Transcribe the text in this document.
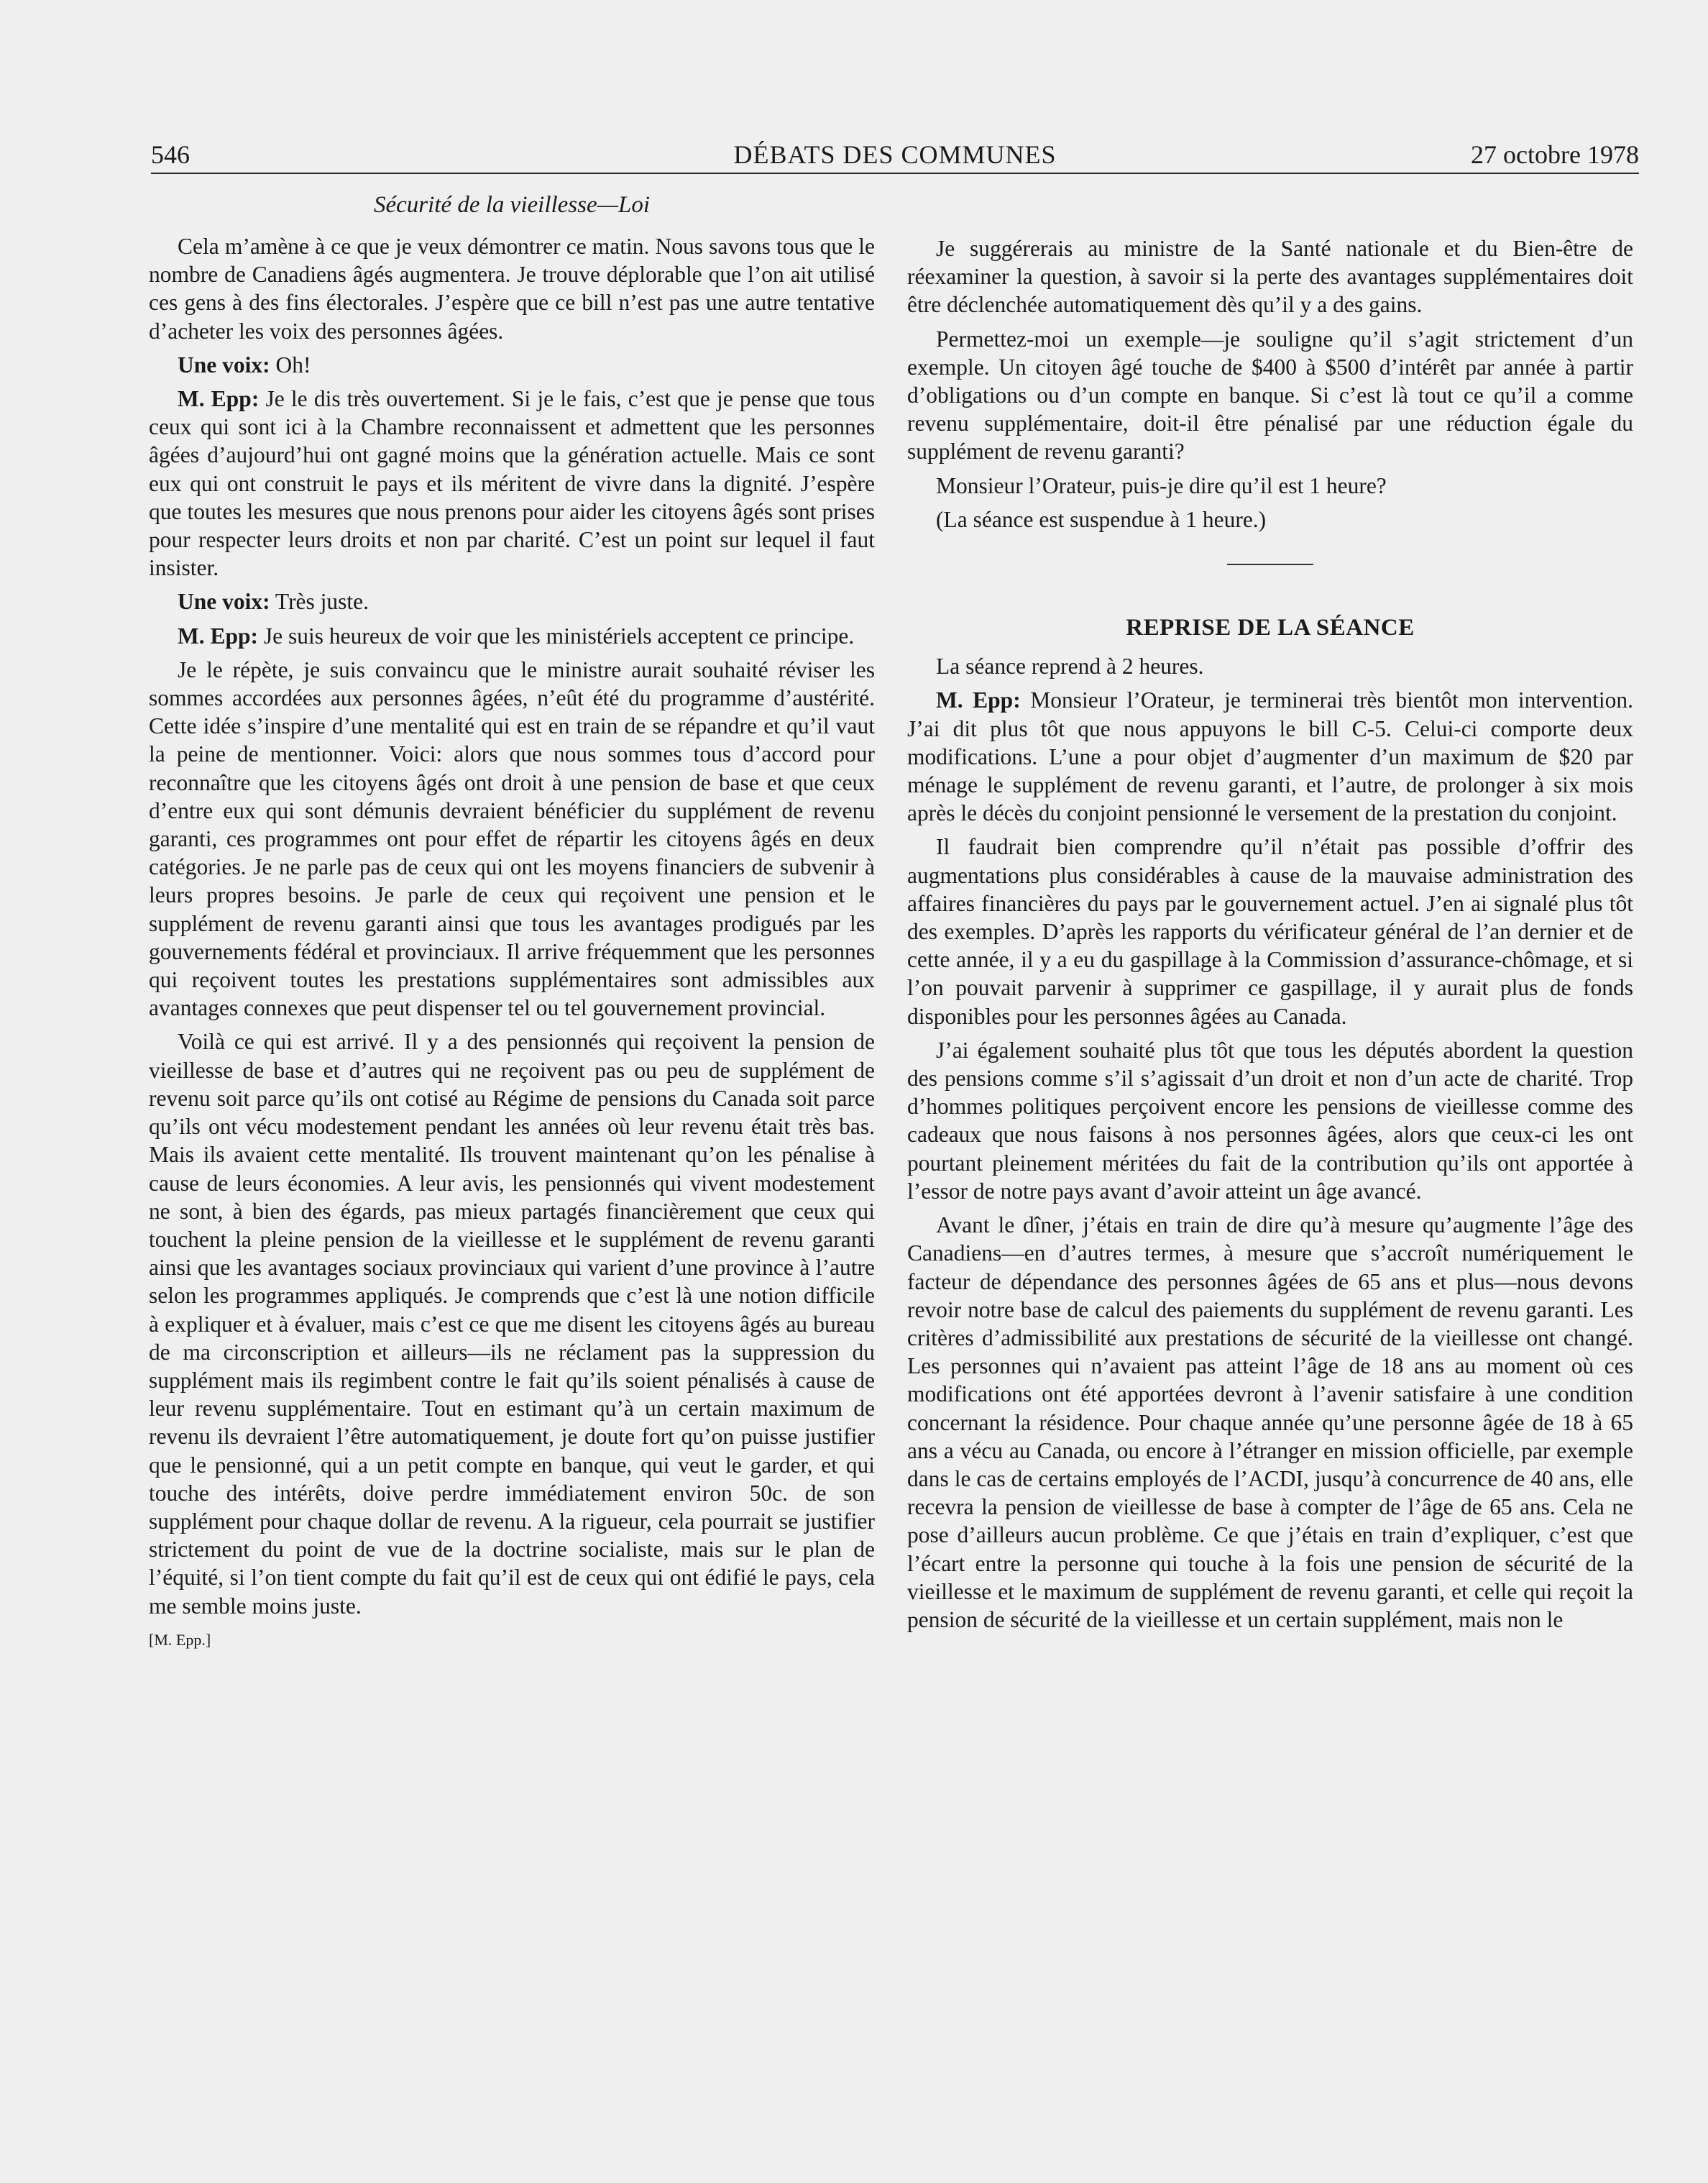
546	DÉBATS DES COMMUNES	27 octobre 1978
Sécurité de la vieillesse—Loi

Cela m’amène à ce que je veux démontrer ce matin. Nous savons tous que le nombre de Canadiens âgés augmentera. Je trouve déplorable que l’on ait utilisé ces gens à des fins électorales. J’espère que ce bill n’est pas une autre tentative d’acheter les voix des personnes âgées.

Une voix: Oh!

M. Epp: Je le dis très ouvertement. Si je le fais, c’est que je pense que tous ceux qui sont ici à la Chambre reconnaissent et admettent que les personnes âgées d’aujourd’hui ont gagné moins que la génération actuelle. Mais ce sont eux qui ont construit le pays et ils méritent de vivre dans la dignité. J’espère que toutes les mesures que nous prenons pour aider les citoyens âgés sont prises pour respecter leurs droits et non par charité. C’est un point sur lequel il faut insister.

Une voix: Très juste.

M. Epp: Je suis heureux de voir que les ministériels acceptent ce principe.

Je le répète, je suis convaincu que le ministre aurait souhaité réviser les sommes accordées aux personnes âgées, n’eût été du programme d’austérité. Cette idée s’inspire d’une mentalité qui est en train de se répandre et qu’il vaut la peine de mentionner. Voici: alors que nous sommes tous d’accord pour reconnaître que les citoyens âgés ont droit à une pension de base et que ceux d’entre eux qui sont démunis devraient bénéficier du supplément de revenu garanti, ces programmes ont pour effet de répartir les citoyens âgés en deux catégories. Je ne parle pas de ceux qui ont les moyens financiers de subvenir à leurs propres besoins. Je parle de ceux qui reçoivent une pension et le supplément de revenu garanti ainsi que tous les avantages prodigués par les gouvernements fédéral et provinciaux. Il arrive fréquemment que les personnes qui reçoivent toutes les prestations supplémentaires sont admissibles aux avantages connexes que peut dispenser tel ou tel gouvernement provincial.

Voilà ce qui est arrivé. Il y a des pensionnés qui reçoivent la pension de vieillesse de base et d’autres qui ne reçoivent pas ou peu de supplément de revenu soit parce qu’ils ont cotisé au Régime de pensions du Canada soit parce qu’ils ont vécu modestement pendant les années où leur revenu était très bas. Mais ils avaient cette mentalité. Ils trouvent maintenant qu’on les pénalise à cause de leurs économies. A leur avis, les pensionnés qui vivent modestement ne sont, à bien des égards, pas mieux partagés financièrement que ceux qui touchent la pleine pension de la vieillesse et le supplément de revenu garanti ainsi que les avantages sociaux provinciaux qui varient d’une province à l’autre selon les programmes appliqués. Je comprends que c’est là une notion difficile à expliquer et à évaluer, mais c’est ce que me disent les citoyens âgés au bureau de ma circonscription et ailleurs—ils ne réclament pas la suppression du supplément mais ils regimbent contre le fait qu’ils soient pénalisés à cause de leur revenu supplémentaire. Tout en estimant qu’à un certain maximum de revenu ils devraient l’être automatiquement, je doute fort qu’on puisse justifier que le pensionné, qui a un petit compte en banque, qui veut le garder, et qui touche des intérêts, doive perdre immédiatement environ 50c. de son supplément pour chaque dollar de revenu. A la rigueur, cela pourrait se justifier strictement du point de vue de la doctrine socialiste, mais sur le plan de l’équité, si l’on tient compte du fait qu’il est de ceux qui ont édifié le pays, cela me semble moins juste.

[M. Epp.]

Je suggérerais au ministre de la Santé nationale et du Bien-être de réexaminer la question, à savoir si la perte des avantages supplémentaires doit être déclenchée automatiquement dès qu’il y a des gains.

Permettez-moi un exemple—je souligne qu’il s’agit strictement d’un exemple. Un citoyen âgé touche de $400 à $500 d’intérêt par année à partir d’obligations ou d’un compte en banque. Si c’est là tout ce qu’il a comme revenu supplémentaire, doit-il être pénalisé par une réduction égale du supplément de revenu garanti?

Monsieur l’Orateur, puis-je dire qu’il est 1 heure?

(La séance est suspendue à 1 heure.)

REPRISE DE LA SÉANCE

La séance reprend à 2 heures.

M. Epp: Monsieur l’Orateur, je terminerai très bientôt mon intervention. J’ai dit plus tôt que nous appuyons le bill C-5. Celui-ci comporte deux modifications. L’une a pour objet d’augmenter d’un maximum de $20 par ménage le supplément de revenu garanti, et l’autre, de prolonger à six mois après le décès du conjoint pensionné le versement de la prestation du conjoint.

Il faudrait bien comprendre qu’il n’était pas possible d’offrir des augmentations plus considérables à cause de la mauvaise administration des affaires financières du pays par le gouvernement actuel. J’en ai signalé plus tôt des exemples. D’après les rapports du vérificateur général de l’an dernier et de cette année, il y a eu du gaspillage à la Commission d’assurance-chômage, et si l’on pouvait parvenir à supprimer ce gaspillage, il y aurait plus de fonds disponibles pour les personnes âgées au Canada.

J’ai également souhaité plus tôt que tous les députés abordent la question des pensions comme s’il s’agissait d’un droit et non d’un acte de charité. Trop d’hommes politiques perçoivent encore les pensions de vieillesse comme des cadeaux que nous faisons à nos personnes âgées, alors que ceux-ci les ont pourtant pleinement méritées du fait de la contribution qu’ils ont apportée à l’essor de notre pays avant d’avoir atteint un âge avancé.

Avant le dîner, j’étais en train de dire qu’à mesure qu’augmente l’âge des Canadiens—en d’autres termes, à mesure que s’accroît numériquement le facteur de dépendance des personnes âgées de 65 ans et plus—nous devons revoir notre base de calcul des paiements du supplément de revenu garanti. Les critères d’admissibilité aux prestations de sécurité de la vieillesse ont changé. Les personnes qui n’avaient pas atteint l’âge de 18 ans au moment où ces modifications ont été apportées devront à l’avenir satisfaire à une condition concernant la résidence. Pour chaque année qu’une personne âgée de 18 à 65 ans a vécu au Canada, ou encore à l’étranger en mission officielle, par exemple dans le cas de certains employés de l’ACDI, jusqu’à concurrence de 40 ans, elle recevra la pension de vieillesse de base à compter de l’âge de 65 ans. Cela ne pose d’ailleurs aucun problème. Ce que j’étais en train d’expliquer, c’est que l’écart entre la personne qui touche à la fois une pension de sécurité de la vieillesse et le maximum de supplément de revenu garanti, et celle qui reçoit la pension de sécurité de la vieillesse et un certain supplément, mais non le
